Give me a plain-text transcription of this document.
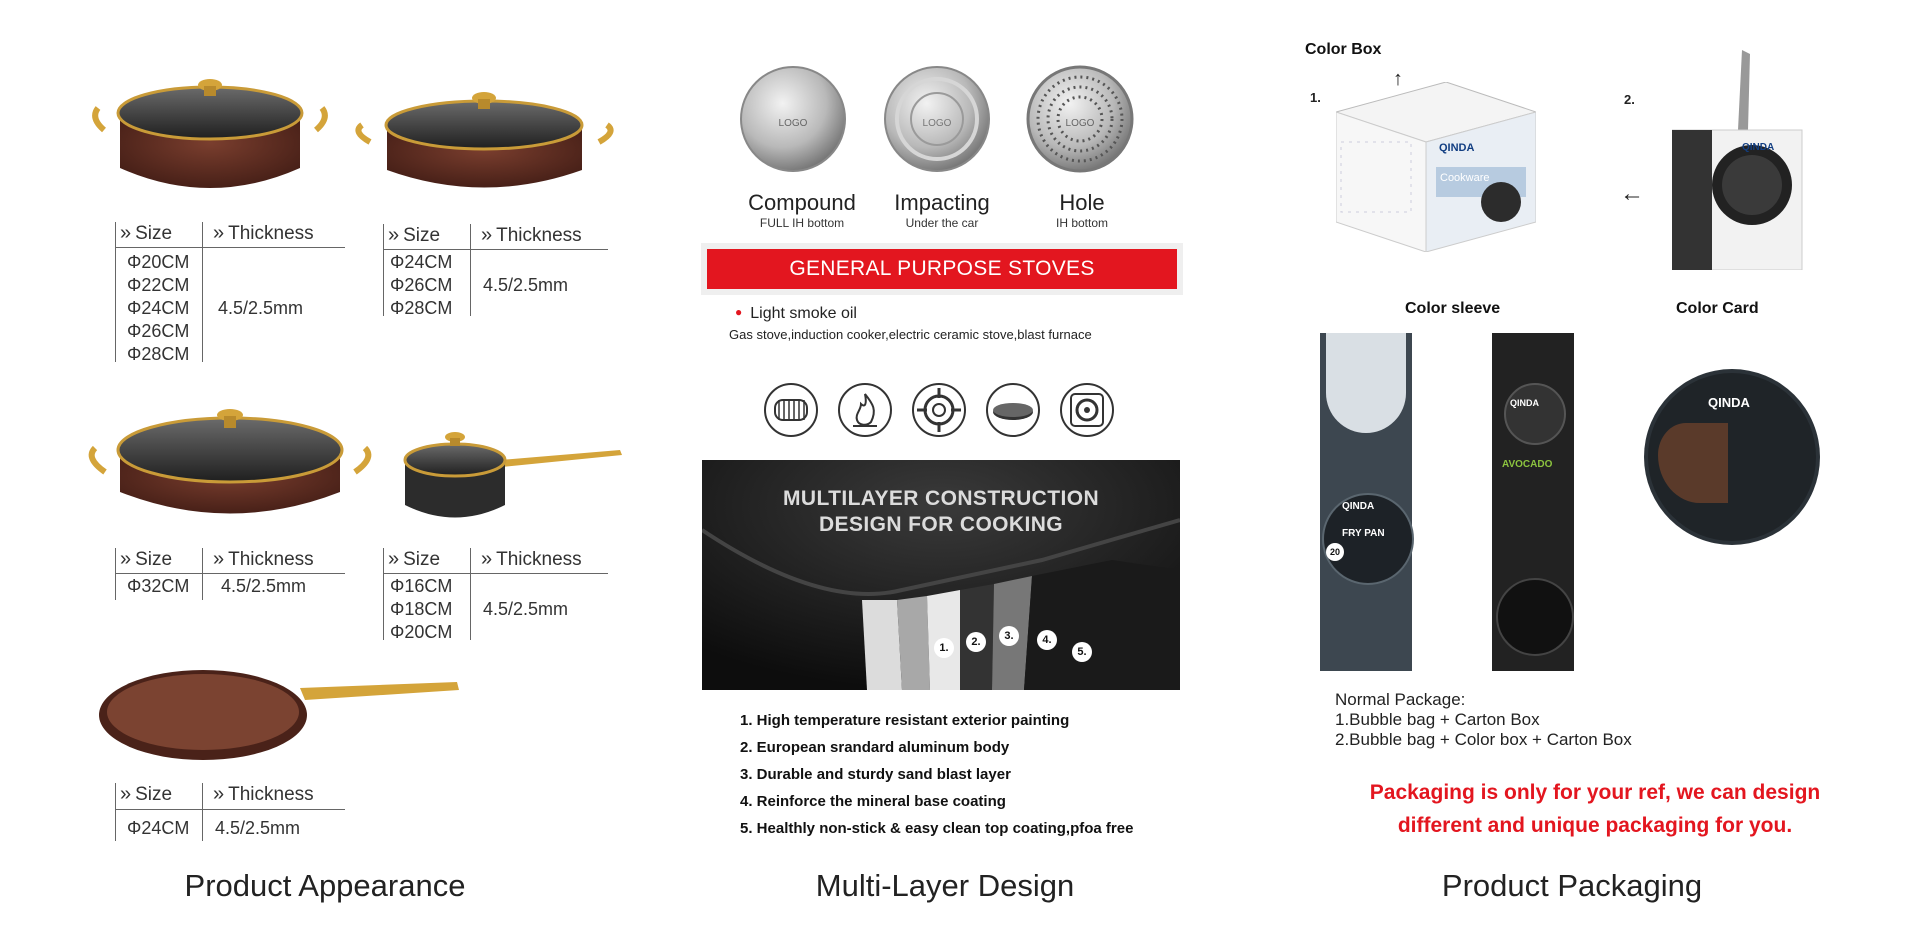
» Size » Thickness
Φ20CM
Φ22CM
Φ24CM
Φ26CM
Φ28CM
4.5/2.5mm
» Size » Thickness
Φ24CM
Φ26CM
Φ28CM
4.5/2.5mm
» Size » Thickness
Φ32CM 4.5/2.5mm
» Size » Thickness
Φ16CM
Φ18CM
Φ20CM
4.5/2.5mm
» Size » Thickness
Φ24CM 4.5/2.5mm
Product Appearance
LOGO	LOGO	LOGO
Compound
FULL IH bottom
Impacting
Under the car
Hole
IH bottom
GENERAL PURPOSE STOVES
● Light smoke oil
Gas stove,induction cooker,electric ceramic stove,blast furnace
MULTILAYER CONSTRUCTION
DESIGN FOR COOKING
1.	2.	3.	4.
5.
1. High temperature resistant exterior painting
2. European srandard aluminum body
3. Durable and sturdy sand blast layer
4. Reinforce the mineral base coating
5. Healthly non-stick & easy clean top coating,pfoa free
Multi-Layer Design
Color Box
1.
↑
QINDA
Cookware
2.
←
QINDA
Color sleeve	Color Card
QINDA
FRY PAN
20
QINDA
AVOCADO
QINDA
Normal Package:
1.Bubble bag + Carton Box
2.Bubble bag + Color box + Carton Box
Packaging is only for your ref, we can design
different and unique packaging for you.
Product Packaging
